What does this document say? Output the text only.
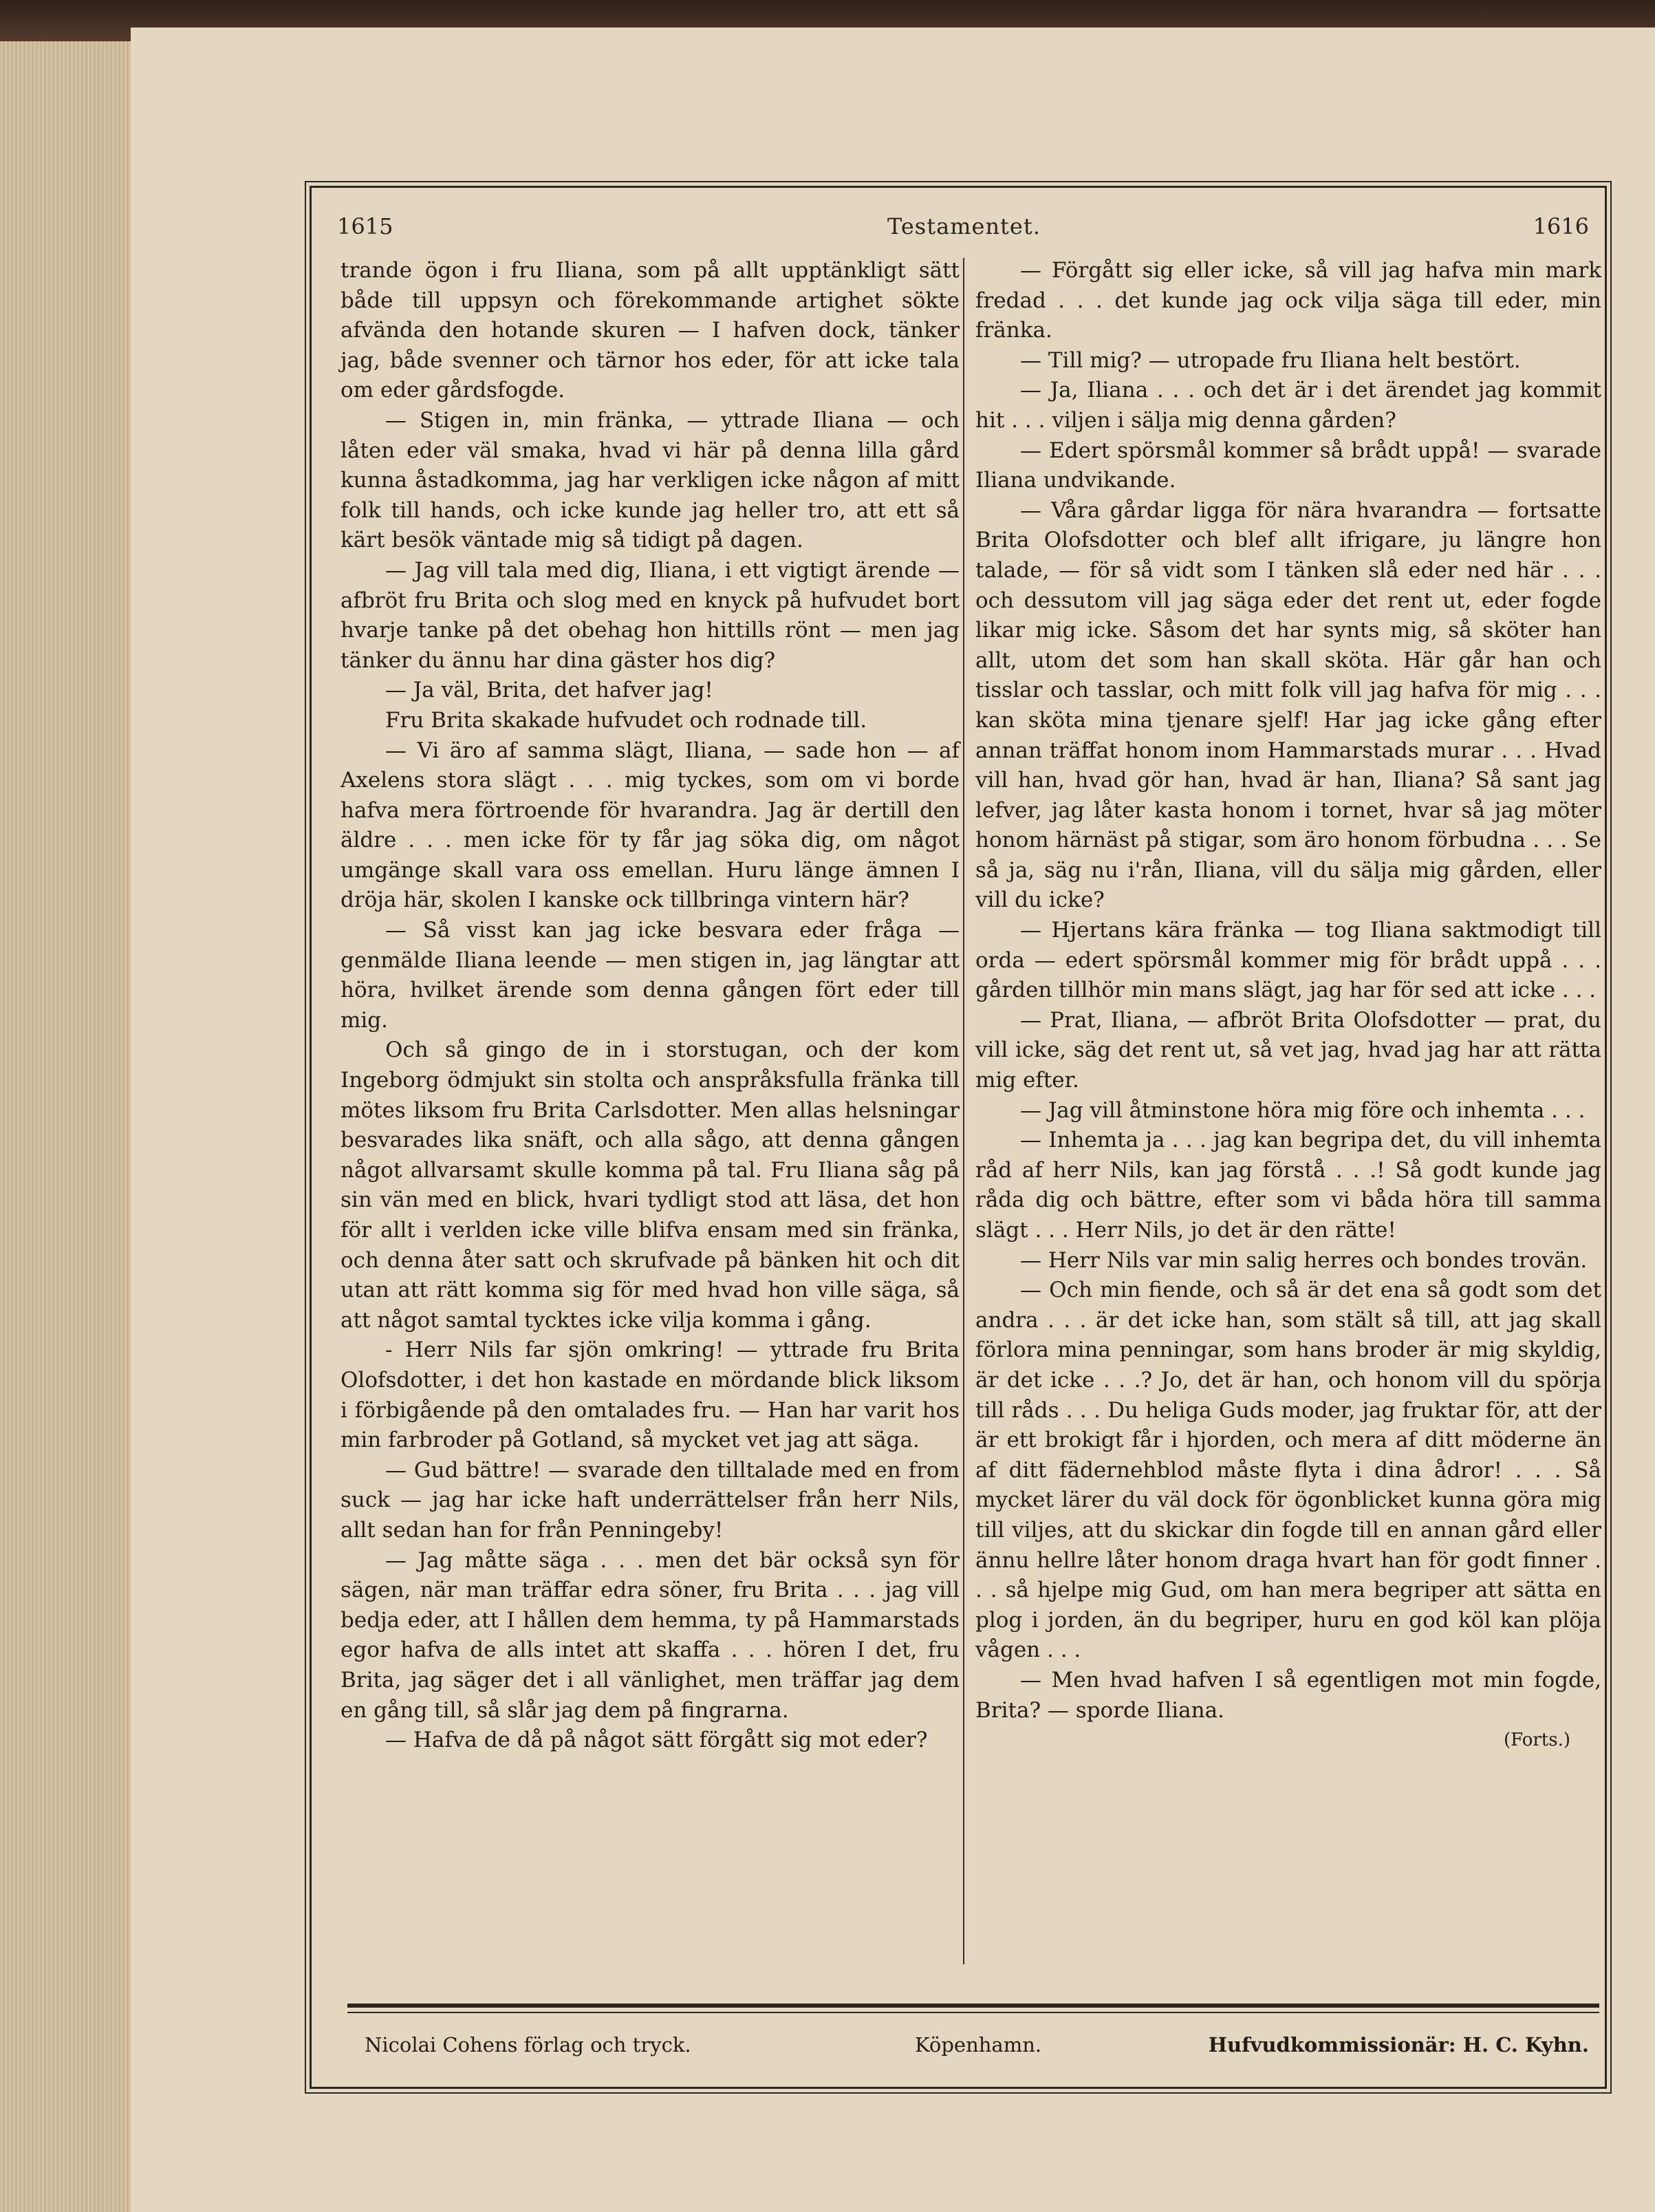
1615	Testamentet.	1616

trande ögon i fru Iliana, som på allt upptänkligt sätt både till uppsyn och förekommande artighet sökte afvända den hotande skuren — I hafven dock, tänker jag, både svenner och tärnor hos eder, för att icke tala om eder gårdsfogde.

— Stigen in, min fränka, — yttrade Iliana — och låten eder väl smaka, hvad vi här på denna lilla gård kunna åstadkomma, jag har verkligen icke någon af mitt folk till hands, och icke kunde jag heller tro, att ett så kärt besök väntade mig så tidigt på dagen.

— Jag vill tala med dig, Iliana, i ett vigtigt ärende — afbröt fru Brita och slog med en knyck på hufvudet bort hvarje tanke på det obehag hon hittills rönt — men jag tänker du ännu har dina gäster hos dig?

— Ja väl, Brita, det hafver jag!

Fru Brita skakade hufvudet och rodnade till.

— Vi äro af samma slägt, Iliana, — sade hon — af Axelens stora slägt . . . mig tyckes, som om vi borde hafva mera förtroende för hvarandra. Jag är dertill den äldre . . . men icke för ty får jag söka dig, om något umgänge skall vara oss emellan. Huru länge ämnen I dröja här, skolen I kanske ock tillbringa vintern här?

— Så visst kan jag icke besvara eder fråga — genmälde Iliana leende — men stigen in, jag längtar att höra, hvilket ärende som denna gången fört eder till mig.

Och så gingo de in i storstugan, och der kom Ingeborg ödmjukt sin stolta och anspråksfulla fränka till mötes liksom fru Brita Carlsdotter. Men allas helsningar besvarades lika snäft, och alla sågo, att denna gången något allvarsamt skulle komma på tal. Fru Iliana såg på sin vän med en blick, hvari tydligt stod att läsa, det hon för allt i verlden icke ville blifva ensam med sin fränka, och denna åter satt och skrufvade på bänken hit och dit utan att rätt komma sig för med hvad hon ville säga, så att något samtal tycktes icke vilja komma i gång.

- Herr Nils far sjön omkring! — yttrade fru Brita Olofsdotter, i det hon kastade en mördande blick liksom i förbigående på den omtalades fru. — Han har varit hos min farbroder på Gotland, så mycket vet jag att säga.

— Gud bättre! — svarade den tilltalade med en from suck — jag har icke haft underrättelser från herr Nils, allt sedan han for från Penningeby!

— Jag måtte säga . . . men det bär också syn för sägen, när man träffar edra söner, fru Brita . . . jag vill bedja eder, att I hållen dem hemma, ty på Hammarstads egor hafva de alls intet att skaffa . . . hören I det, fru Brita, jag säger det i all vänlighet, men träffar jag dem en gång till, så slår jag dem på fingrarna.

— Hafva de då på något sätt förgått sig mot eder?

— Förgått sig eller icke, så vill jag hafva min mark fredad . . . det kunde jag ock vilja säga till eder, min fränka.

— Till mig? — utropade fru Iliana helt bestört.

— Ja, Iliana . . . och det är i det ärendet jag kommit hit . . . viljen i sälja mig denna gården?

— Edert spörsmål kommer så brådt uppå! — svarade Iliana undvikande.

— Våra gårdar ligga för nära hvarandra — fortsatte Brita Olofsdotter och blef allt ifrigare, ju längre hon talade, — för så vidt som I tänken slå eder ned här . . . och dessutom vill jag säga eder det rent ut, eder fogde likar mig icke. Såsom det har synts mig, så sköter han allt, utom det som han skall sköta. Här går han och tisslar och tasslar, och mitt folk vill jag hafva för mig . . . kan sköta mina tjenare sjelf! Har jag icke gång efter annan träffat honom inom Hammarstads murar . . . Hvad vill han, hvad gör han, hvad är han, Iliana? Så sant jag lefver, jag låter kasta honom i tornet, hvar så jag möter honom härnäst på stigar, som äro honom förbudna . . . Se så ja, säg nu i'rån, Iliana, vill du sälja mig gården, eller vill du icke?

— Hjertans kära fränka — tog Iliana saktmodigt till orda — edert spörsmål kommer mig för brådt uppå . . . gården tillhör min mans slägt, jag har för sed att icke . . .

— Prat, Iliana, — afbröt Brita Olofsdotter — prat, du vill icke, säg det rent ut, så vet jag, hvad jag har att rätta mig efter.

— Jag vill åtminstone höra mig före och inhemta . . .

— Inhemta ja . . . jag kan begripa det, du vill inhemta råd af herr Nils, kan jag förstå . . .! Så godt kunde jag råda dig och bättre, efter som vi båda höra till samma slägt . . . Herr Nils, jo det är den rätte!

— Herr Nils var min salig herres och bondes trovän.

— Och min fiende, och så är det ena så godt som det andra . . . är det icke han, som stält så till, att jag skall förlora mina penningar, som hans broder är mig skyldig, är det icke . . .? Jo, det är han, och honom vill du spörja till råds . . . Du heliga Guds moder, jag fruktar för, att der är ett brokigt får i hjorden, och mera af ditt möderne än af ditt fädernehblod måste flyta i dina ådror! . . . Så mycket lärer du väl dock för ögonblicket kunna göra mig till viljes, att du skickar din fogde till en annan gård eller ännu hellre låter honom draga hvart han för godt finner . . . så hjelpe mig Gud, om han mera begriper att sätta en plog i jorden, än du begriper, huru en god köl kan plöja vågen . . .

— Men hvad hafven I så egentligen mot min fogde, Brita? — sporde Iliana.

(Forts.)

Nicolai Cohens förlag och tryck.	Köpenhamn.	Hufvudkommissionär: H. C. Kyhn.
